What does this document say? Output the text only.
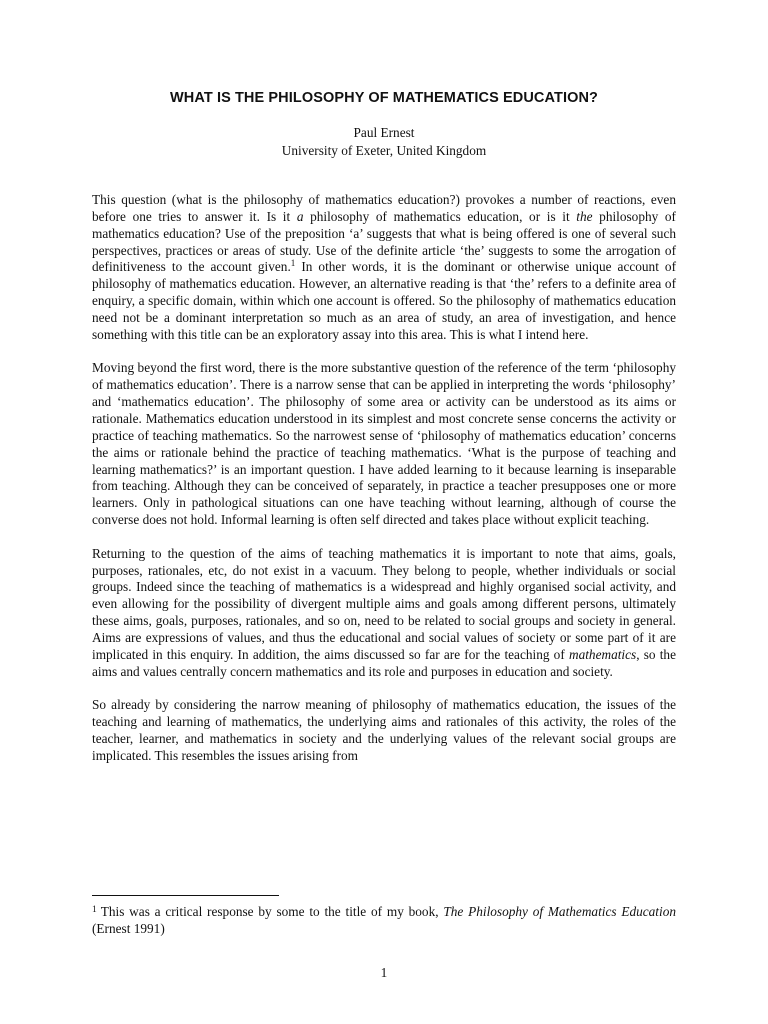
WHAT IS THE PHILOSOPHY OF MATHEMATICS EDUCATION?
Paul Ernest
University of Exeter, United Kingdom

This question (what is the philosophy of mathematics education?) provokes a number of reactions, even before one tries to answer it. Is it a philosophy of mathematics education, or is it the philosophy of mathematics education? Use of the preposition ‘a’ suggests that what is being offered is one of several such perspectives, practices or areas of study. Use of the definite article ‘the’ suggests to some the arrogation of definitiveness to the account given.$^1$ In other words, it is the dominant or otherwise unique account of philosophy of mathematics education. However, an alternative reading is that ‘the’ refers to a definite area of enquiry, a specific domain, within which one account is offered. So the philosophy of mathematics education need not be a dominant interpretation so much as an area of study, an area of investigation, and hence something with this title can be an exploratory assay into this area. This is what I intend here.

Moving beyond the first word, there is the more substantive question of the reference of the term ‘philosophy of mathematics education’. There is a narrow sense that can be applied in interpreting the words ‘philosophy’ and ‘mathematics education’. The philosophy of some area or activity can be understood as its aims or rationale. Mathematics education understood in its simplest and most concrete sense concerns the activity or practice of teaching mathematics. So the narrowest sense of ‘philosophy of mathematics education’ concerns the aims or rationale behind the practice of teaching mathematics. ‘What is the purpose of teaching and learning mathematics?’ is an important question. I have added learning to it because learning is inseparable from teaching. Although they can be conceived of separately, in practice a teacher presupposes one or more learners. Only in pathological situations can one have teaching without learning, although of course the converse does not hold. Informal learning is often self directed and takes place without explicit teaching.

Returning to the question of the aims of teaching mathematics it is important to note that aims, goals, purposes, rationales, etc, do not exist in a vacuum. They belong to people, whether individuals or social groups. Indeed since the teaching of mathematics is a widespread and highly organised social activity, and even allowing for the possibility of divergent multiple aims and goals among different persons, ultimately these aims, goals, purposes, rationales, and so on, need to be related to social groups and society in general. Aims are expressions of values, and thus the educational and social values of society or some part of it are implicated in this enquiry. In addition, the aims discussed so far are for the teaching of mathematics, so the aims and values centrally concern mathematics and its role and purposes in education and society.

So already by considering the narrow meaning of philosophy of mathematics education, the issues of the teaching and learning of mathematics, the underlying aims and rationales of this activity, the roles of the teacher, learner, and mathematics in society and the underlying values of the relevant social groups are implicated. This resembles the issues arising from

$^1$ This was a critical response by some to the title of my book, The Philosophy of Mathematics Education (Ernest 1991)

1
